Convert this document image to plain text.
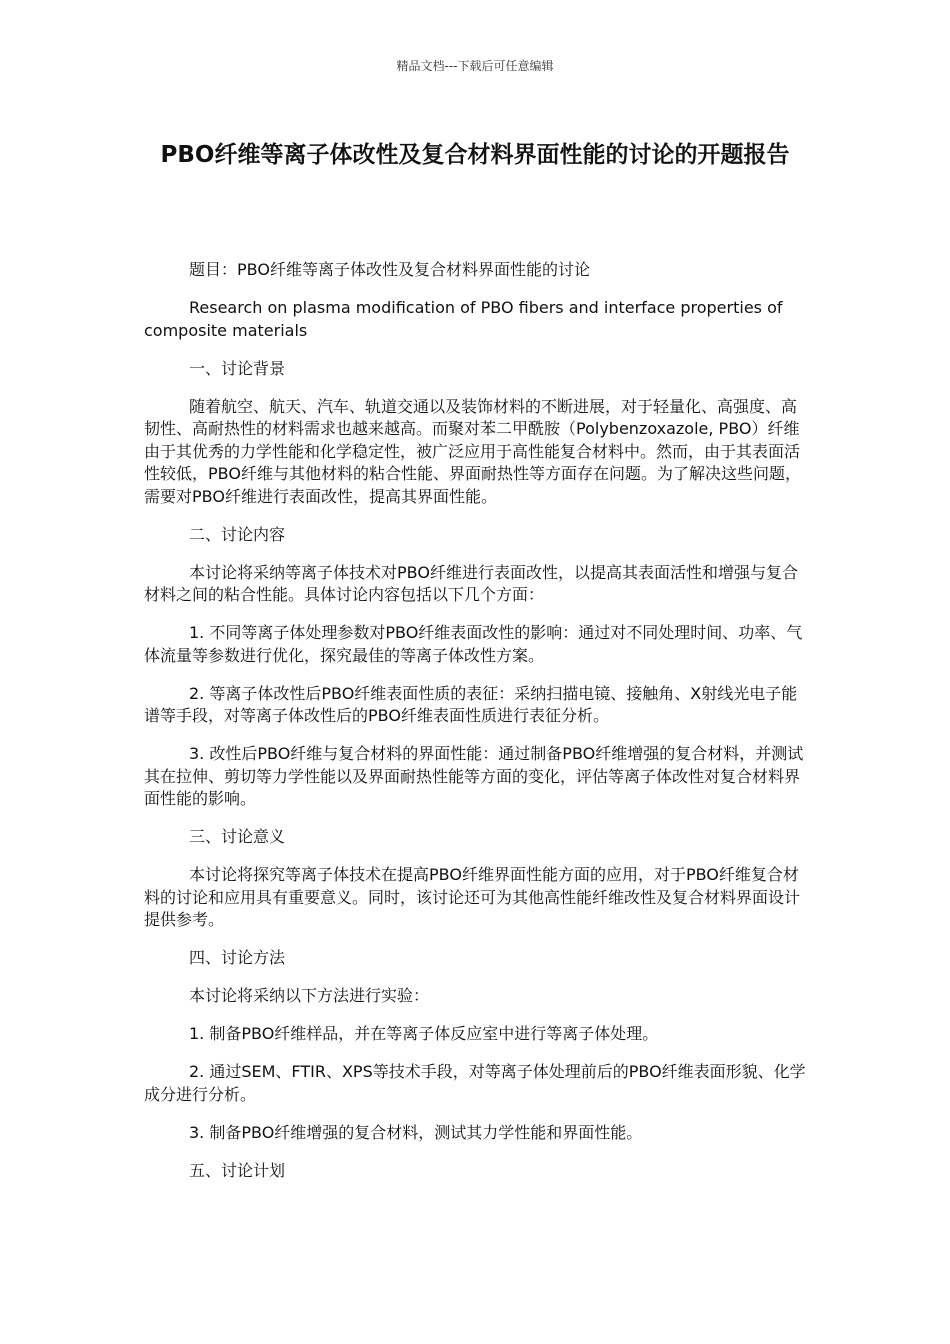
精品文档---下载后可任意编辑
PBO纤维等离子体改性及复合材料界面性能的讨论的开题报告

题目：PBO纤维等离子体改性及复合材料界面性能的讨论

Research on plasma modification of PBO fibers and interface properties of composite materials

一、讨论背景

随着航空、航天、汽车、轨道交通以及装饰材料的不断进展，对于轻量化、高强度、高韧性、高耐热性的材料需求也越来越高。而聚对苯二甲酰胺（Polybenzoxazole, PBO）纤维由于其优秀的力学性能和化学稳定性，被广泛应用于高性能复合材料中。然而，由于其表面活性较低，PBO纤维与其他材料的粘合性能、界面耐热性等方面存在问题。为了解决这些问题，需要对PBO纤维进行表面改性，提高其界面性能。

二、讨论内容

本讨论将采纳等离子体技术对PBO纤维进行表面改性，以提高其表面活性和增强与复合材料之间的粘合性能。具体讨论内容包括以下几个方面：

1. 不同等离子体处理参数对PBO纤维表面改性的影响：通过对不同处理时间、功率、气体流量等参数进行优化，探究最佳的等离子体改性方案。

2. 等离子体改性后PBO纤维表面性质的表征：采纳扫描电镜、接触角、X射线光电子能谱等手段，对等离子体改性后的PBO纤维表面性质进行表征分析。

3. 改性后PBO纤维与复合材料的界面性能：通过制备PBO纤维增强的复合材料，并测试其在拉伸、剪切等力学性能以及界面耐热性能等方面的变化，评估等离子体改性对复合材料界面性能的影响。

三、讨论意义

本讨论将探究等离子体技术在提高PBO纤维界面性能方面的应用，对于PBO纤维复合材料的讨论和应用具有重要意义。同时，该讨论还可为其他高性能纤维改性及复合材料界面设计提供参考。

四、讨论方法

本讨论将采纳以下方法进行实验：

1. 制备PBO纤维样品，并在等离子体反应室中进行等离子体处理。

2. 通过SEM、FTIR、XPS等技术手段，对等离子体处理前后的PBO纤维表面形貌、化学成分进行分析。

3. 制备PBO纤维增强的复合材料，测试其力学性能和界面性能。

五、讨论计划
